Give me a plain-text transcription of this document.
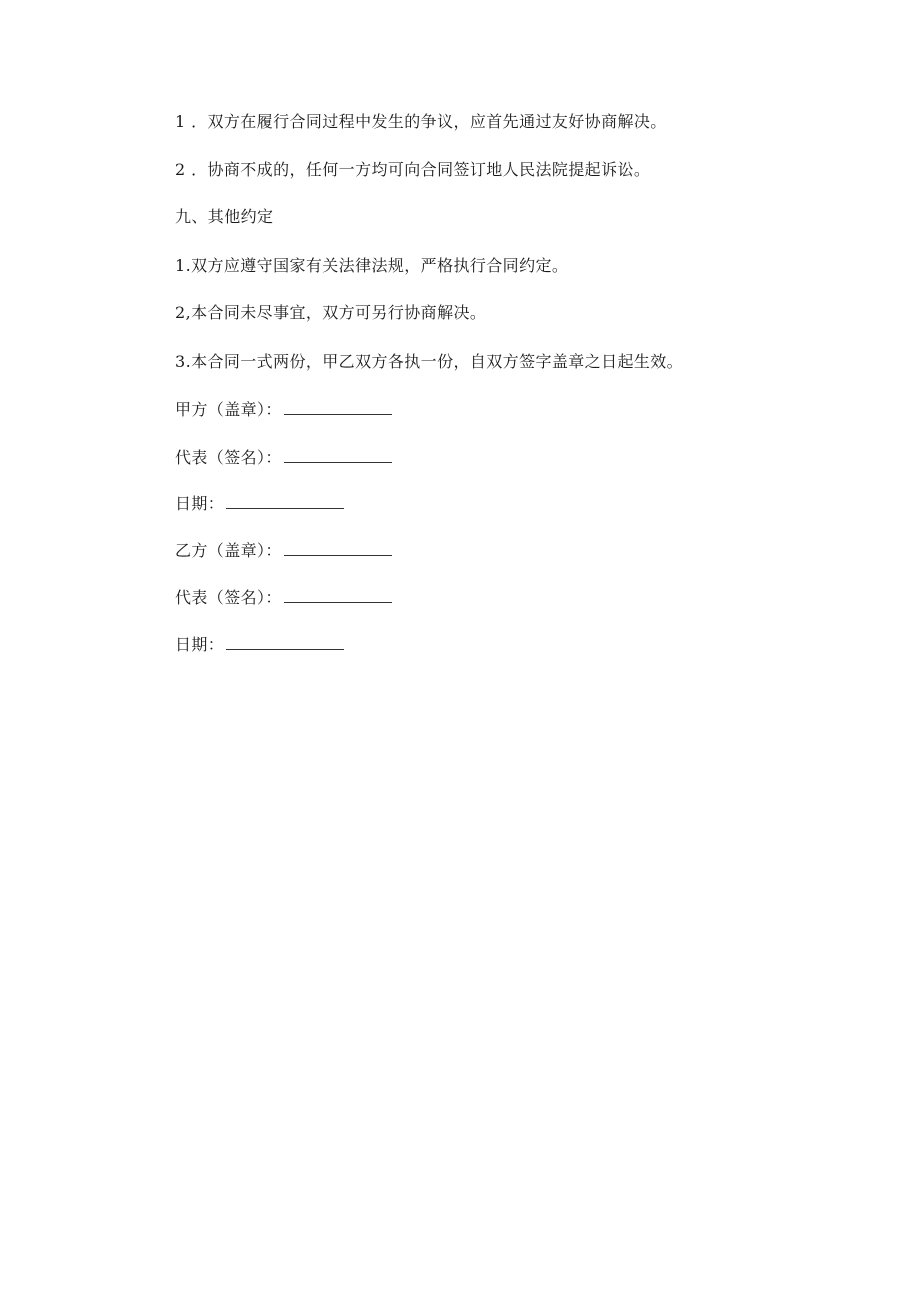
1 ．双方在履行合同过程中发生的争议，应首先通过友好协商解决。
2 ．协商不成的，任何一方均可向合同签订地人民法院提起诉讼。
九、其他约定
1.双方应遵守国家有关法律法规，严格执行合同约定。
2,本合同未尽事宜，双方可另行协商解决。
3.本合同一式两份，甲乙双方各执一份，自双方签字盖章之日起生效。
甲方（盖章）：
代表（签名）：
日期：
乙方（盖章）：
代表（签名）：
日期：
